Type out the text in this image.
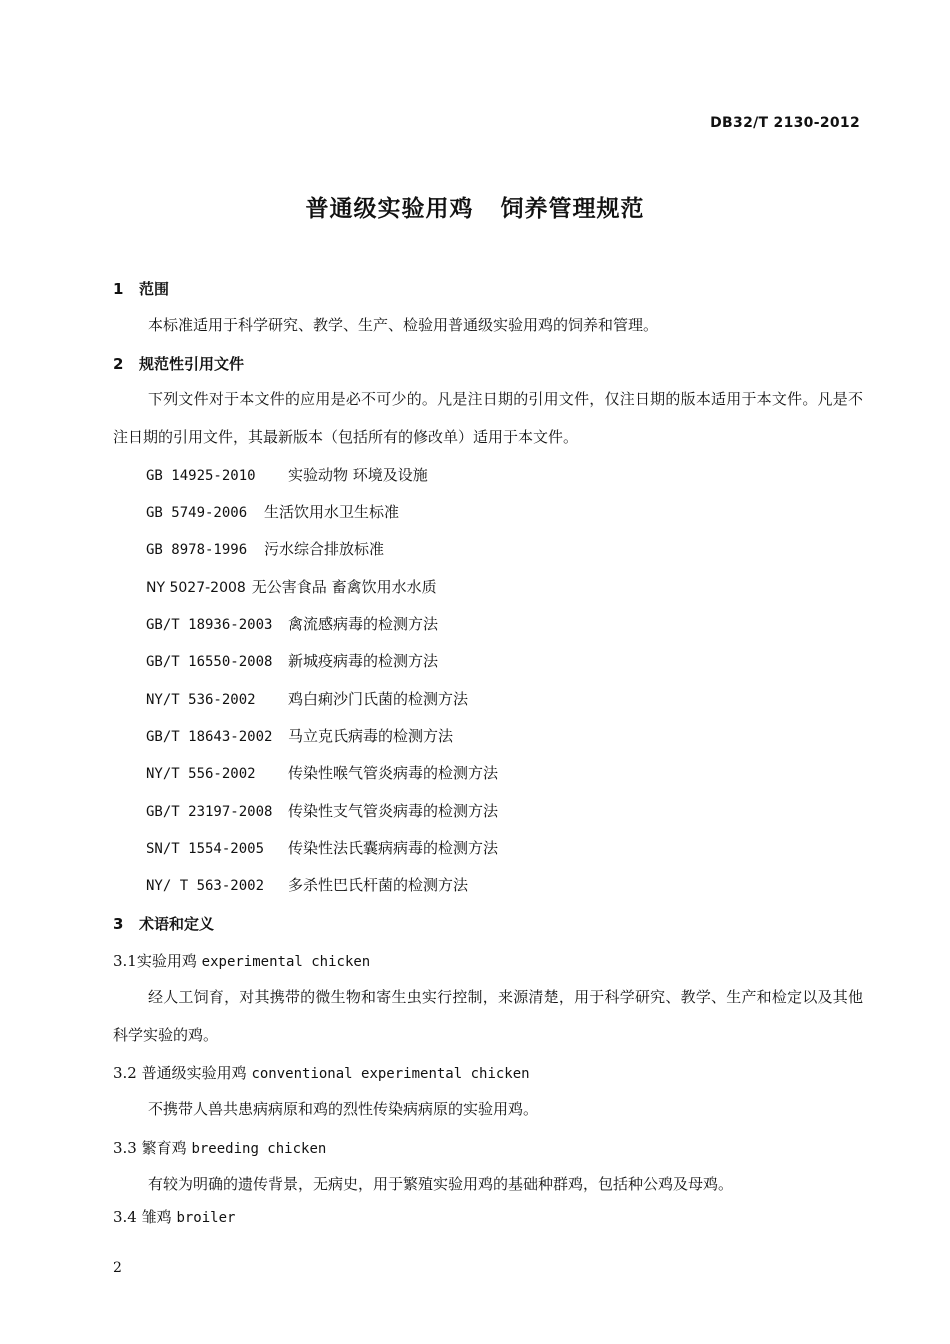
DB32/T 2130-2012
普通级实验用鸡 饲养管理规范
1 范围
本标准适用于科学研究、教学、生产、检验用普通级实验用鸡的饲养和管理。
2 规范性引用文件
下列文件对于本文件的应用是必不可少的。凡是注日期的引用文件，仅注日期的版本适用于本文件。凡是不注日期的引用文件，其最新版本（包括所有的修改单）适用于本文件。
GB 14925-2010 实验动物 环境及设施
GB 5749-2006 生活饮用水卫生标准
GB 8978-1996 污水综合排放标准
NY 5027-2008 无公害食品 畜禽饮用水水质
GB/T 18936-2003 禽流感病毒的检测方法
GB/T 16550-2008 新城疫病毒的检测方法
NY/T 536-2002 鸡白痢沙门氏菌的检测方法
GB/T 18643-2002 马立克氏病毒的检测方法
NY/T 556-2002 传染性喉气管炎病毒的检测方法
GB/T 23197-2008 传染性支气管炎病毒的检测方法
SN/T 1554-2005 传染性法氏囊病病毒的检测方法
NY/ T 563-2002 多杀性巴氏杆菌的检测方法
3 术语和定义
3.1实验用鸡 experimental chicken
经人工饲育，对其携带的微生物和寄生虫实行控制，来源清楚，用于科学研究、教学、生产和检定以及其他科学实验的鸡。
3.2 普通级实验用鸡 conventional experimental chicken
不携带人兽共患病病原和鸡的烈性传染病病原的实验用鸡。
3.3 繁育鸡 breeding chicken
有较为明确的遗传背景，无病史，用于繁殖实验用鸡的基础种群鸡，包括种公鸡及母鸡。
3.4 雏鸡 broiler
2
